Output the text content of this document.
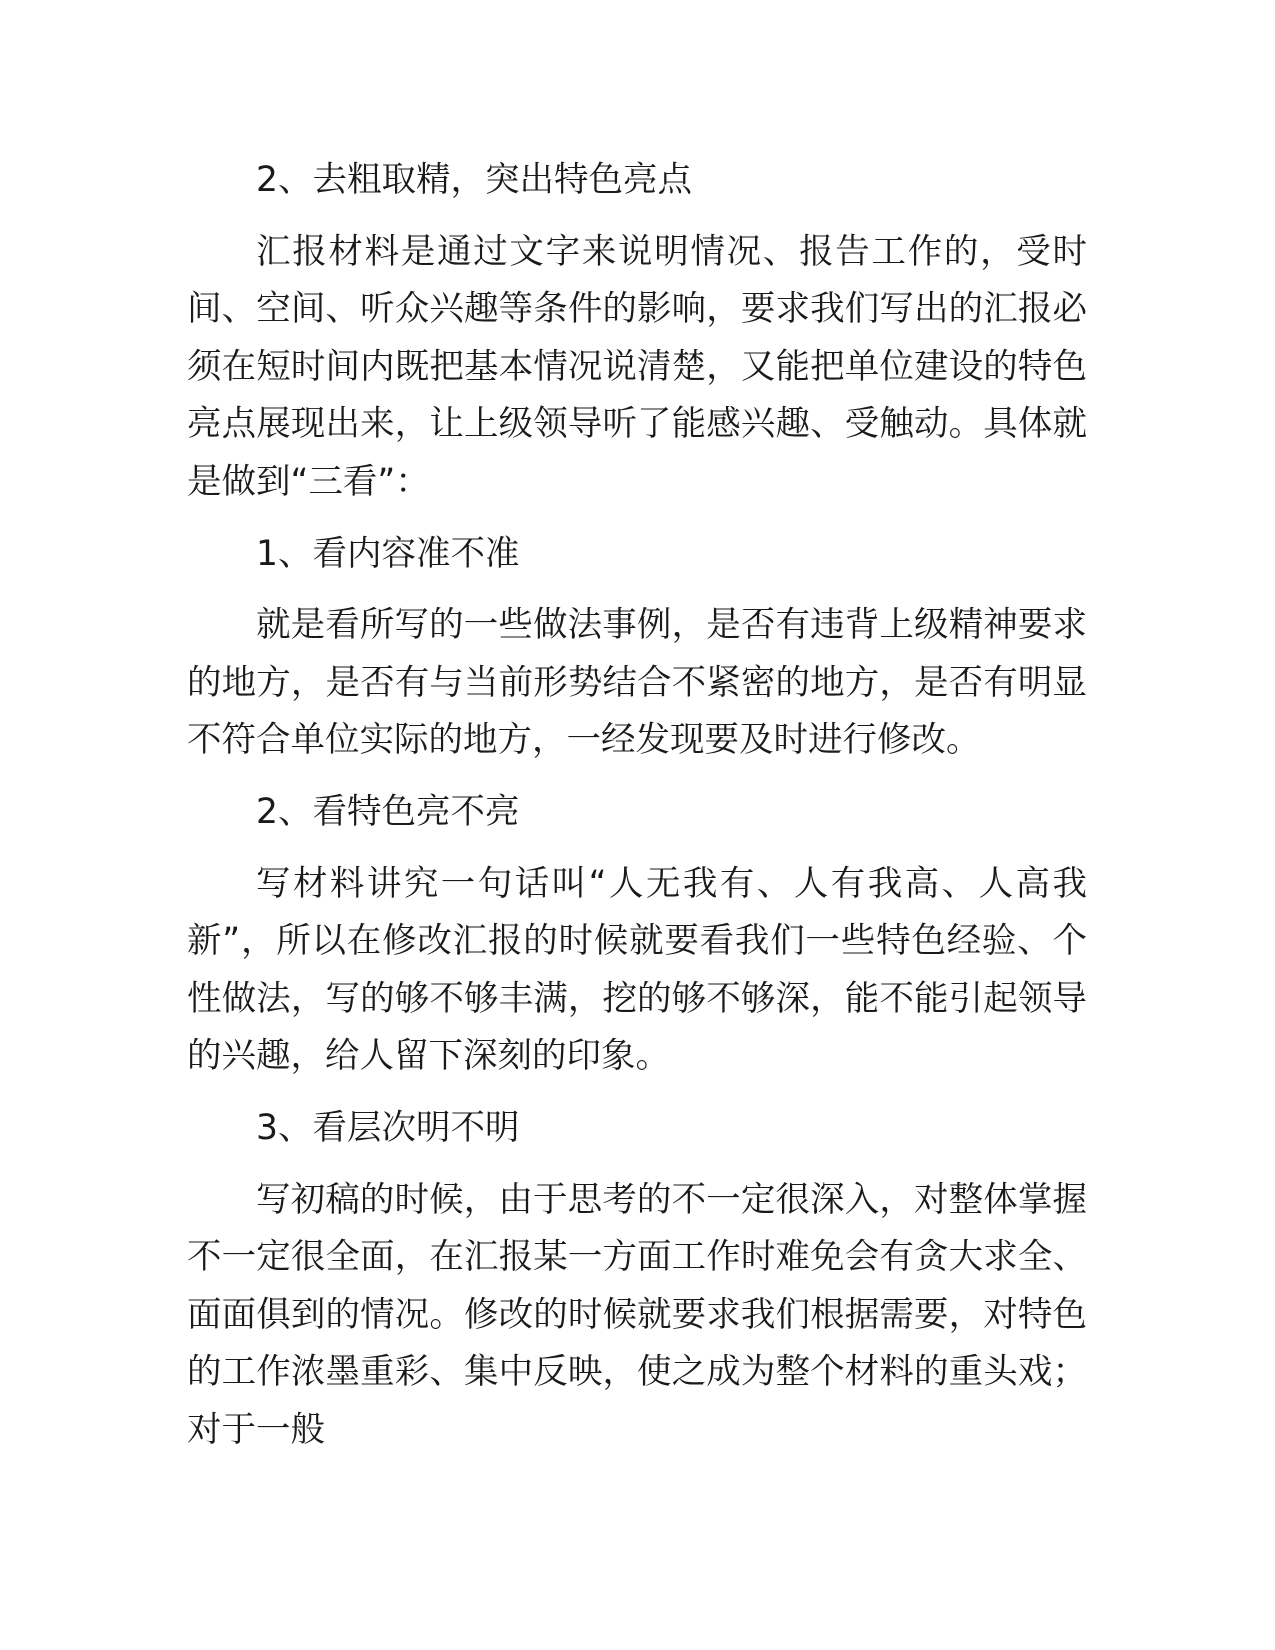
2、去粗取精，突出特色亮点

汇报材料是通过文字来说明情况、报告工作的，受时间、空间、听众兴趣等条件的影响，要求我们写出的汇报必须在短时间内既把基本情况说清楚，又能把单位建设的特色亮点展现出来，让上级领导听了能感兴趣、受触动。具体就是做到“三看”：

1、看内容准不准

就是看所写的一些做法事例，是否有违背上级精神要求的地方，是否有与当前形势结合不紧密的地方，是否有明显不符合单位实际的地方，一经发现要及时进行修改。

2、看特色亮不亮

写材料讲究一句话叫“人无我有、人有我高、人高我新”，所以在修改汇报的时候就要看我们一些特色经验、个性做法，写的够不够丰满，挖的够不够深，能不能引起领导的兴趣，给人留下深刻的印象。

3、看层次明不明

写初稿的时候，由于思考的不一定很深入，对整体掌握不一定很全面，在汇报某一方面工作时难免会有贪大求全、面面俱到的情况。修改的时候就要求我们根据需要，对特色的工作浓墨重彩、集中反映，使之成为整个材料的重头戏；对于一般
